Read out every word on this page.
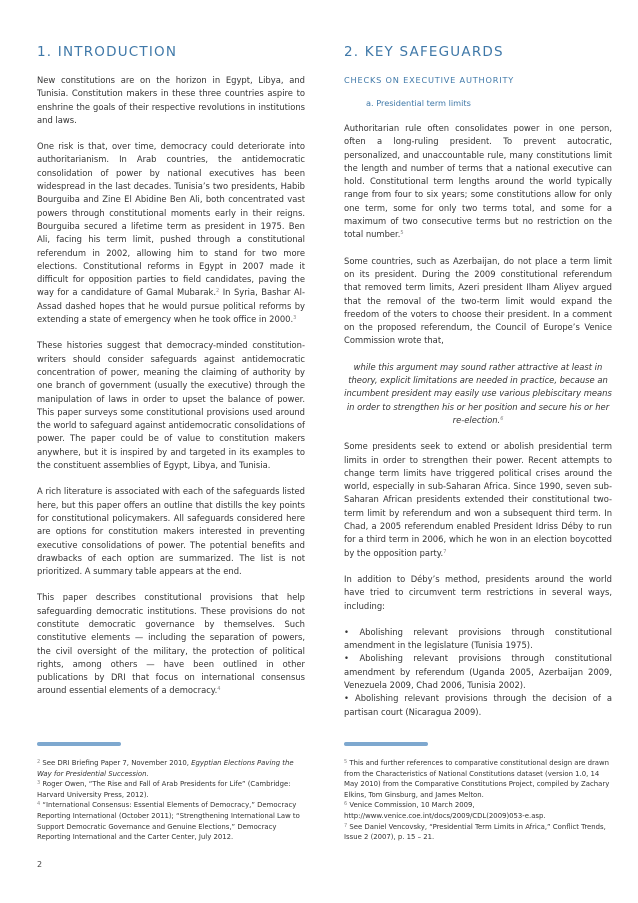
1. INTRODUCTION

New constitutions are on the horizon in Egypt, Libya, and Tunisia. Constitution makers in these three countries aspire to enshrine the goals of their respective revolutions in institutions and laws.

One risk is that, over time, democracy could deteriorate into authoritarianism. In Arab countries, the antidemocratic consolidation of power by national executives has been widespread in the last decades. Tunisia’s two presidents, Habib Bourguiba and Zine El Abidine Ben Ali, both concentrated vast powers through constitutional moments early in their reigns. Bourguiba secured a lifetime term as president in 1975. Ben Ali, facing his term limit, pushed through a constitutional referendum in 2002, allowing him to stand for two more elections. Constitutional reforms in Egypt in 2007 made it difficult for opposition parties to field candidates, paving the way for a candidature of Gamal Mubarak.$^2$ In Syria, Bashar Al-Assad dashed hopes that he would pursue political reforms by extending a state of emergency when he took office in 2000.$^3$

These histories suggest that democracy-minded constitution-writers should consider safeguards against antidemocratic concentration of power, meaning the claiming of authority by one branch of government (usually the executive) through the manipulation of laws in order to upset the balance of power. This paper surveys some constitutional provisions used around the world to safeguard against antidemocratic consolidations of power. The paper could be of value to constitution makers anywhere, but it is inspired by and targeted in its examples to the constituent assemblies of Egypt, Libya, and Tunisia.

A rich literature is associated with each of the safeguards listed here, but this paper offers an outline that distills the key points for constitutional policymakers. All safeguards considered here are options for constitution makers interested in preventing executive consolidations of power. The potential benefits and drawbacks of each option are summarized. The list is not prioritized. A summary table appears at the end.

This paper describes constitutional provisions that help safeguarding democratic institutions. These provisions do not constitute democratic governance by themselves. Such constitutive elements — including the separation of powers, the civil oversight of the military, the protection of political rights, among others — have been outlined in other publications by DRI that focus on international consensus around essential elements of a democracy.$^4$

2. KEY SAFEGUARDS
CHECKS ON EXECUTIVE AUTHORITY
a. Presidential term limits

Authoritarian rule often consolidates power in one person, often a long-ruling president. To prevent autocratic, personalized, and unaccountable rule, many constitutions limit the length and number of terms that a national executive can hold. Constitutional term lengths around the world typically range from four to six years; some constitutions allow for only one term, some for only two terms total, and some for a maximum of two consecutive terms but no restriction on the total number.$^5$

Some countries, such as Azerbaijan, do not place a term limit on its president. During the 2009 constitutional referendum that removed term limits, Azeri president Ilham Aliyev argued that the removal of the two-term limit would expand the freedom of the voters to choose their president. In a comment on the proposed referendum, the Council of Europe’s Venice Commission wrote that,

while this argument may sound rather attractive at least in theory, explicit limitations are needed in practice, because an incumbent president may easily use various plebiscitary means in order to strengthen his or her position and secure his or her re-election.$^6$

Some presidents seek to extend or abolish presidential term limits in order to strengthen their power. Recent attempts to change term limits have triggered political crises around the world, especially in sub-Saharan Africa. Since 1990, seven sub-Saharan African presidents extended their constitutional two-term limit by referendum and won a subsequent third term. In Chad, a 2005 referendum enabled President Idriss Déby to run for a third term in 2006, which he won in an election boycotted by the opposition party.$^7$

In addition to Déby’s method, presidents around the world have tried to circumvent term restrictions in several ways, including:

• Abolishing relevant provisions through constitutional amendment in the legislature (Tunisia 1975).

• Abolishing relevant provisions through constitutional amendment by referendum (Uganda 2005, Azerbaijan 2009, Venezuela 2009, Chad 2006, Tunisia 2002).

• Abolishing relevant provisions through the decision of a partisan court (Nicaragua 2009).

$^2$ See DRI Briefing Paper 7, November 2010, Egyptian Elections Paving the Way for Presidential Succession.

$^3$ Roger Owen, “The Rise and Fall of Arab Presidents for Life” (Cambridge: Harvard University Press, 2012).

$^4$ “International Consensus: Essential Elements of Democracy,” Democracy Reporting International (October 2011); “Strengthening International Law to Support Democratic Governance and Genuine Elections,” Democracy Reporting International and the Carter Center, July 2012.

$^5$ This and further references to comparative constitutional design are drawn from the Characteristics of National Constitutions dataset (version 1.0, 14 May 2010) from the Comparative Constitutions Project, compiled by Zachary Elkins, Tom Ginsburg, and James Melton.

$^6$ Venice Commission, 10 March 2009, http://www.venice.coe.int/docs/2009/CDL(2009)053-e.asp.

$^7$ See Daniel Vencovsky, “Presidential Term Limits in Africa,” Conflict Trends, Issue 2 (2007), p. 15 – 21.

2
